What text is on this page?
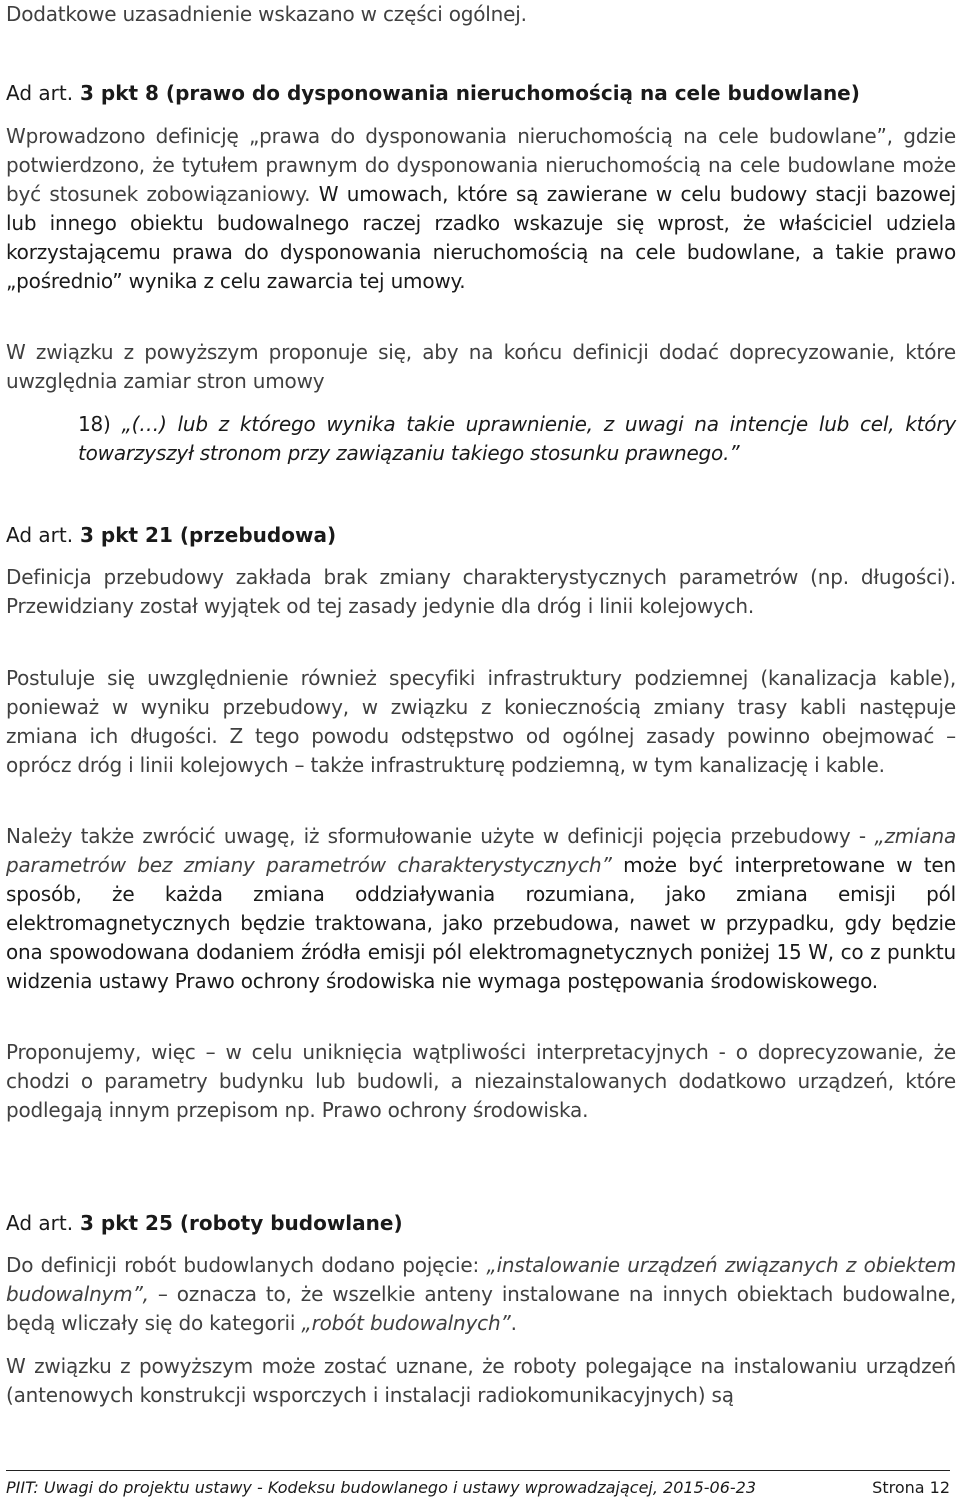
Dodatkowe uzasadnienie wskazano w części ogólnej.

Ad art. 3 pkt 8 (prawo do dysponowania nieruchomością na cele budowlane)

Wprowadzono definicję „prawa do dysponowania nieruchomością na cele budowlane”, gdzie potwierdzono, że tytułem prawnym do dysponowania nieruchomością na cele budowlane może być stosunek zobowiązaniowy. W umowach, które są zawierane w celu budowy stacji bazowej lub innego obiektu budowalnego raczej rzadko wskazuje się wprost, że właściciel udziela korzystającemu prawa do dysponowania nieruchomością na cele budowlane, a takie prawo „pośrednio” wynika z celu zawarcia tej umowy.

W związku z powyższym proponuje się, aby na końcu definicji dodać doprecyzowanie, które uwzględnia zamiar stron umowy

18) „(…) lub z którego wynika takie uprawnienie, z uwagi na intencje lub cel, który towarzyszył stronom przy zawiązaniu takiego stosunku prawnego.”
Ad art. 3 pkt 21 (przebudowa)

Definicja przebudowy zakłada brak zmiany charakterystycznych parametrów (np. długości). Przewidziany został wyjątek od tej zasady jedynie dla dróg i linii kolejowych.

Postuluje się uwzględnienie również specyfiki infrastruktury podziemnej (kanalizacja kable), ponieważ w wyniku przebudowy, w związku z koniecznością zmiany trasy kabli następuje zmiana ich długości. Z tego powodu odstępstwo od ogólnej zasady powinno obejmować – oprócz dróg i linii kolejowych – także infrastrukturę podziemną, w tym kanalizację i kable.

Należy także zwrócić uwagę, iż sformułowanie użyte w definicji pojęcia przebudowy - „zmiana parametrów bez zmiany parametrów charakterystycznych” może być interpretowane w ten sposób, że każda zmiana oddziaływania rozumiana, jako zmiana emisji pól elektromagnetycznych będzie traktowana, jako przebudowa, nawet w przypadku, gdy będzie ona spowodowana dodaniem źródła emisji pól elektromagnetycznych poniżej 15 W, co z punktu widzenia ustawy Prawo ochrony środowiska nie wymaga postępowania środowiskowego.

Proponujemy, więc – w celu uniknięcia wątpliwości interpretacyjnych - o doprecyzowanie, że chodzi o parametry budynku lub budowli, a niezainstalowanych dodatkowo urządzeń, które podlegają innym przepisom np. Prawo ochrony środowiska.

Ad art. 3 pkt 25 (roboty budowlane)

Do definicji robót budowlanych dodano pojęcie: „instalowanie urządzeń związanych z obiektem budowalnym”, – oznacza to, że wszelkie anteny instalowane na innych obiektach budowalne, będą wliczały się do kategorii „robót budowalnych”.

W związku z powyższym może zostać uznane, że roboty polegające na instalowaniu urządzeń (antenowych konstrukcji wsporczych i instalacji radiokomunikacyjnych) są

PIIT: Uwagi do projektu ustawy - Kodeksu budowlanego i ustawy wprowadzającej, 2015-06-23	Strona 12
